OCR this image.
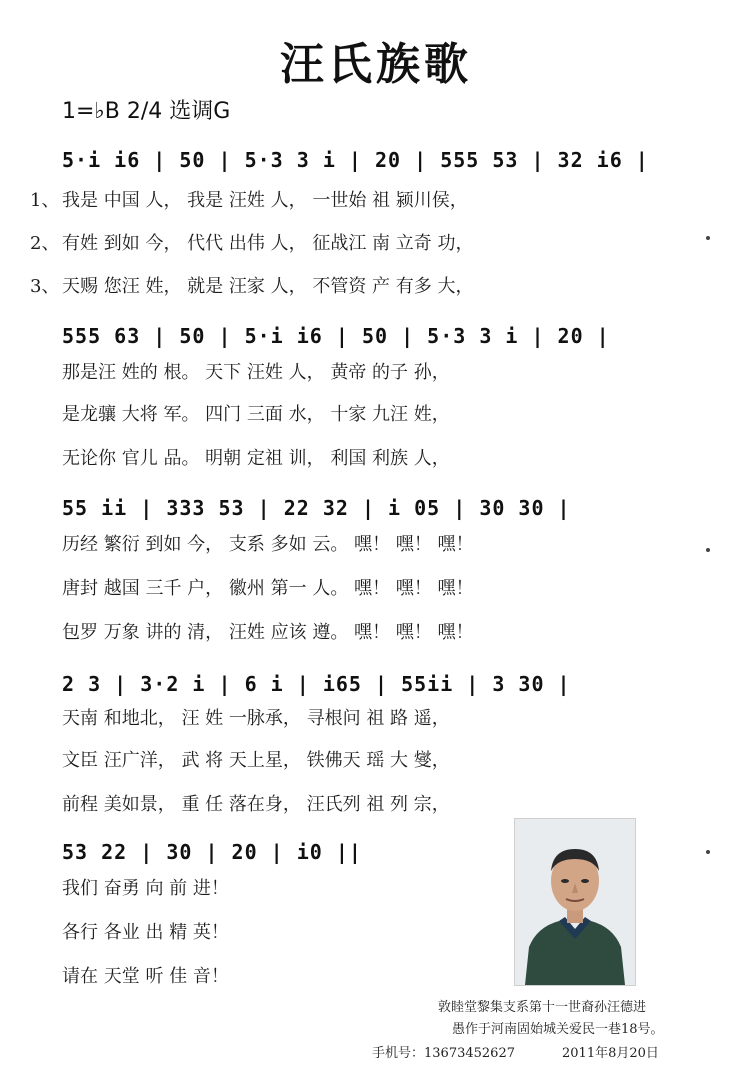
汪氏族歌
1=♭B 2/4 选调G
5·i i6 | 50 | 5·3 3 i | 20 | 555 53 | 32 i6 |
1、 我是 中国 人， 我是 汪姓 人， 一世始 祖 颍川侯，
2、 有姓 到如 今， 代代 出伟 人， 征战江 南 立奇 功，
3、 天赐 您汪 姓， 就是 汪家 人， 不管资 产 有多 大，
555 63 | 50 | 5·i i6 | 50 | 5·3 3 i | 20 |
那是汪 姓的 根。 天下 汪姓 人， 黄帝 的子 孙，
是龙骧 大将 军。 四门 三面 水， 十家 九汪 姓，
无论你 官儿 品。 明朝 定祖 训， 利国 利族 人，
55 ii | 333 53 | 22 32 | i 05 | 30 30 |
历经 繁衍 到如 今， 支系 多如 云。 嘿！ 嘿！ 嘿！
唐封 越国 三千 户， 徽州 第一 人。 嘿！ 嘿！ 嘿！
包罗 万象 讲的 清， 汪姓 应该 遵。 嘿！ 嘿！ 嘿！
2 3 | 3·2 i | 6 i | i65 | 55ii | 3 30 |
天南 和地北， 汪 姓 一脉承， 寻根问 祖 路 遥，
文臣 汪广洋， 武 将 天上星， 铁佛天 瑶 大 燮，
前程 美如景， 重 任 落在身， 汪氏列 祖 列 宗，
53 22 | 30 | 20 | i0 ||
我们 奋勇 向 前 进！
各行 各业 出 精 英！
请在 天堂 听 佳 音！
敦睦堂黎集支系第十一世裔孙汪德进
愚作于河南固始城关爱民一巷18号。
手机号：13673452627	2011年8月20日
